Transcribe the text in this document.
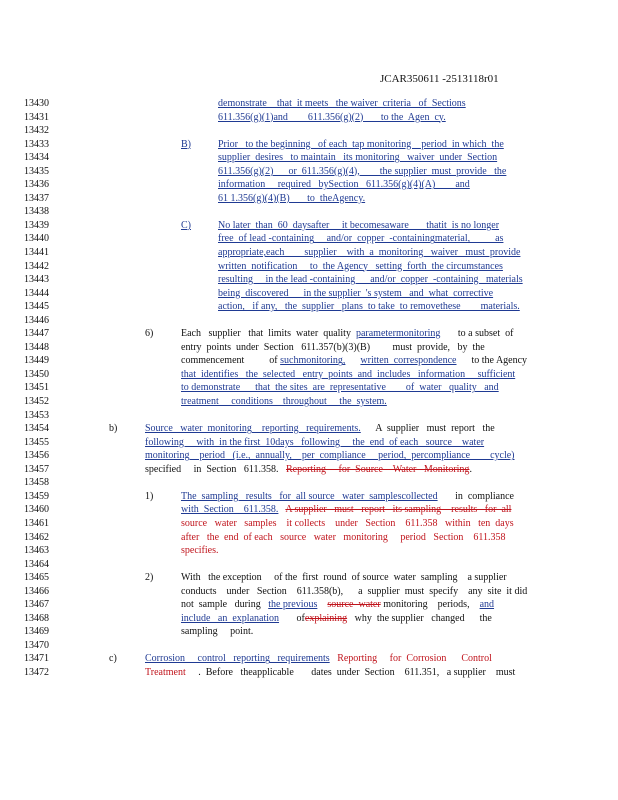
JCAR350611 -2513118r01
13430	demonstrate    that  it meets   the waiver  criteria   of  Sections
13431	611.356(g)(1)and        611.356(g)(2)       to the  Agen  cy.
13432
13433	B)	Prior   to the beginning   of each  tap monitoring    period  in which  the
13434	supplier  desires   to maintain   its monitoring   waiver  under  Section
13435	611.356(g)(2)      or  611.356(g)(4),        the supplier  must  provide   the
13436	information     required   bySection   611.356(g)(4)(A)        and
13437	61 1.356(g)(4)(B)       to  theAgency.
13438
13439	C)	No later  than  60  daysafter     it becomesaware       thatit  is no longer
13440	free  of lead -containing     and/or  copper  -containingmaterial,          as
13441	appropriate,each        supplier    with  a  monitoring   waiver   must  provide
13442	written  notification     to  the Agency   setting  forth  the circumstances
13443	resulting     in the lead -containing      and/or  copper  -containing   materials
13444	being  discovered      in the supplier  's system   and  what  corrective
13445	action,   if any,   the  supplier   plans  to take  to removethese        materials.
13446
13447	6)	Each   supplier   that  limits  water  quality  parametermonitoring       to a subset  of
13448	entry  points  under  Section   611.357(b)(3)(B)         must  provide,   by  the
13449	commencement          of suchmonitoring, written  correspondence      to the Agency
13450	that  identifies   the  selected   entry  points  and  includes   information     sufficient
13451	to demonstrate      that  the sites  are  representative        of  water   quality   and
13452	treatment     conditions    throughout     the  system.
13453
13454	b)	Source   water  monitoring    reporting   requirements.      A  supplier   must  report   the
13455	following     with  in the first  10days   following     the  end  of each   source    water
13456	monitoring    period   (i.e.,  annually,    per  compliance     period,  percompliance        cycle)
13457	specified     in  Section   611.358.   Reporting     for  Source    Water   Monitoring.
13458
13459	1)	The  sampling   results   for  all source   water  samplescollected       in  compliance
13460	with  Section    611.358. A supplier   must   report   its sampling    results   for  all
13461	source   water   samples    it collects    under   Section    611.358   within   ten  days
13462	after   the  end  of each   source   water   monitoring     period   Section    611.358
13463	specifies.
13464
13465	2)	With   the exception     of the  first  round  of source  water  sampling    a supplier
13466	conducts    under   Section    611.358(b),      a  supplier  must  specify    any  site  it did
13467	not  sample   during   the previous source  water monitoring    periods,    and
13468	include   an  explanation       ofexplaining   why  the supplier   changed      the
13469	sampling     point.
13470
13471	c)	Corrosion     control   reporting   requirements Reporting     for  Corrosion      Control
13472	Treatment     .  Before   theapplicable       dates  under  Section    611.351,   a supplier    must
